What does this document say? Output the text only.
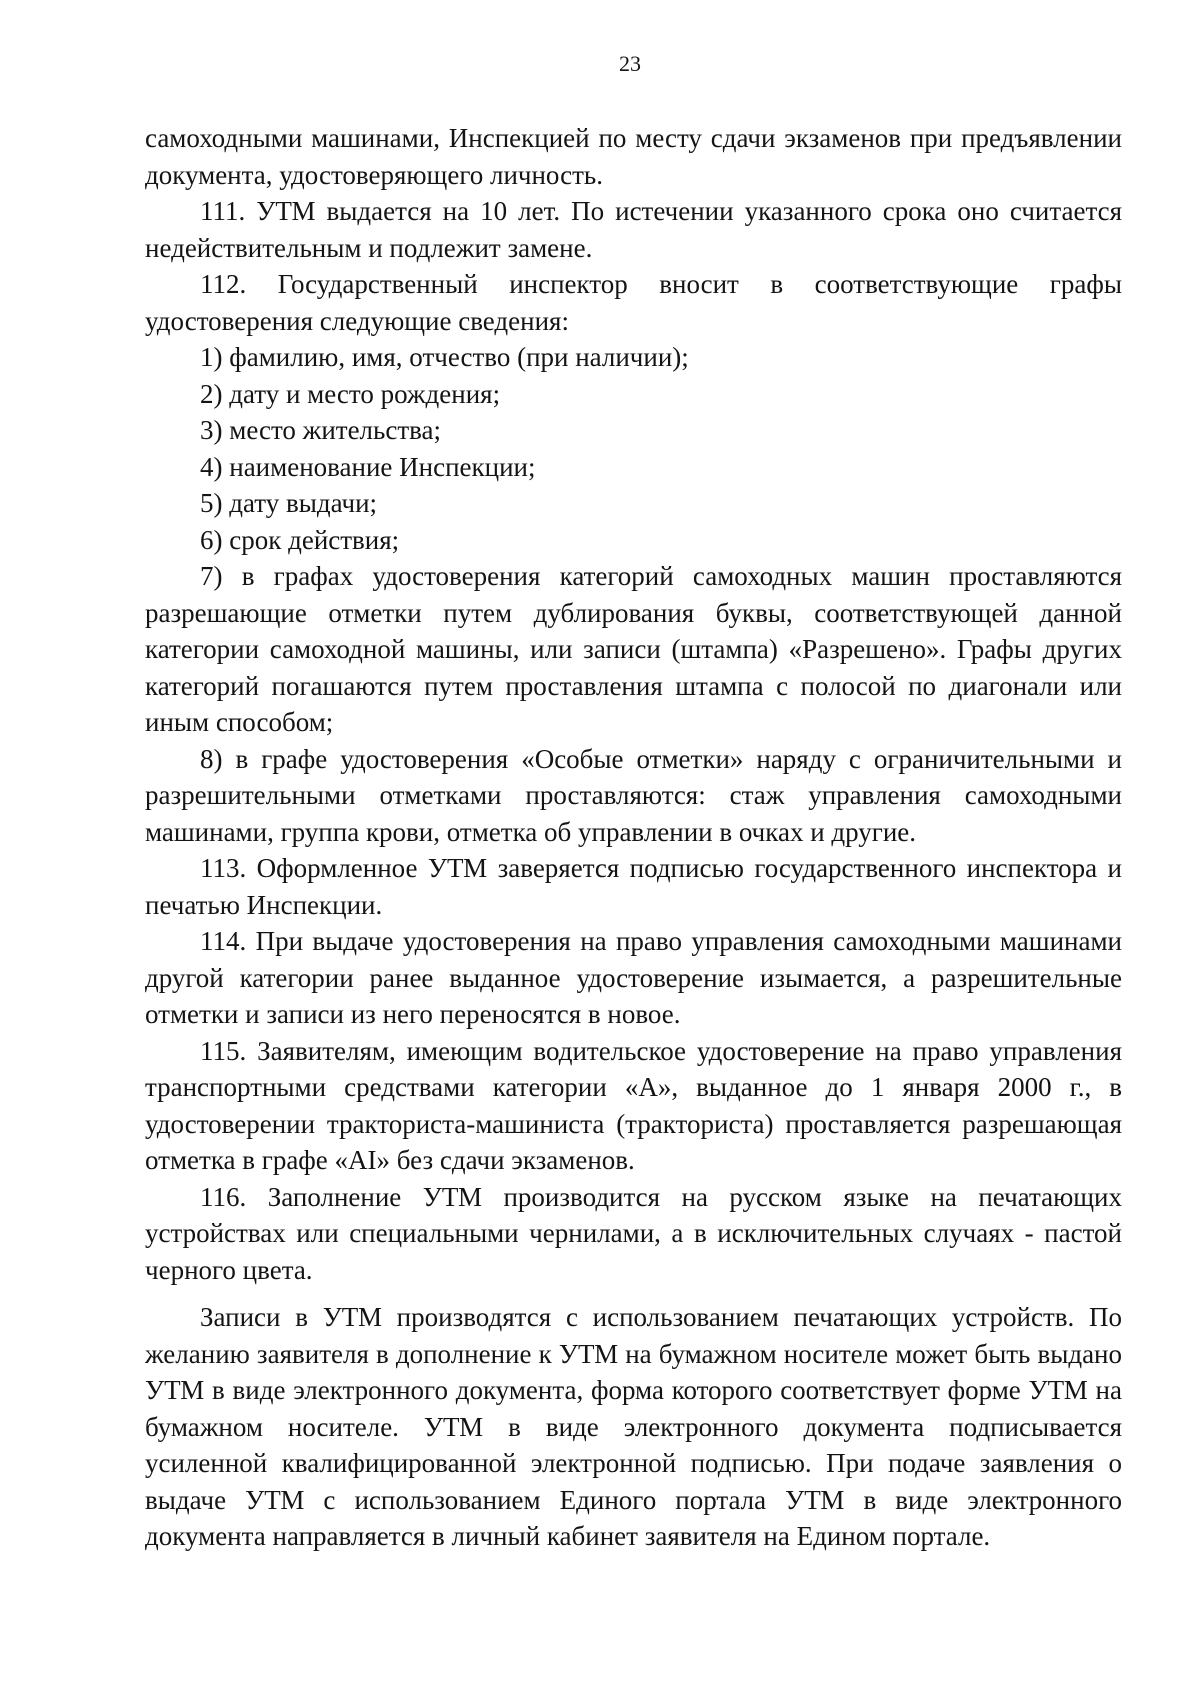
23

самоходными машинами, Инспекцией по месту сдачи экзаменов при предъявлении документа, удостоверяющего личность.

111. УТМ выдается на 10 лет. По истечении указанного срока оно считается недействительным и подлежит замене.

112. Государственный инспектор вносит в соответствующие графы удостоверения следующие сведения:

1) фамилию, имя, отчество (при наличии);

2) дату и место рождения;

3) место жительства;

4) наименование Инспекции;

5) дату выдачи;

6) срок действия;

7) в графах удостоверения категорий самоходных машин проставляются разрешающие отметки путем дублирования буквы, соответствующей данной категории самоходной машины, или записи (штампа) «Разрешено». Графы других категорий погашаются путем проставления штампа с полосой по диагонали или иным способом;

8) в графе удостоверения «Особые отметки» наряду с ограничительными и разрешительными отметками проставляются: стаж управления самоходными машинами, группа крови, отметка об управлении в очках и другие.

113. Оформленное УТМ заверяется подписью государственного инспектора и печатью Инспекции.

114. При выдаче удостоверения на право управления самоходными машинами другой категории ранее выданное удостоверение изымается, а разрешительные отметки и записи из него переносятся в новое.

115. Заявителям, имеющим водительское удостоверение на право управления транспортными средствами категории «A», выданное до 1 января 2000 г., в удостоверении тракториста-машиниста (тракториста) проставляется разрешающая отметка в графе «AI» без сдачи экзаменов.

116. Заполнение УТМ производится на русском языке на печатающих устройствах или специальными чернилами, а в исключительных случаях - пастой черного цвета.

Записи в УТМ производятся с использованием печатающих устройств. По желанию заявителя в дополнение к УТМ на бумажном носителе может быть выдано УТМ в виде электронного документа, форма которого соответствует форме УТМ на бумажном носителе. УТМ в виде электронного документа подписывается усиленной квалифицированной электронной подписью. При подаче заявления о выдаче УТМ с использованием Единого портала УТМ в виде электронного документа направляется в личный кабинет заявителя на Едином портале.
